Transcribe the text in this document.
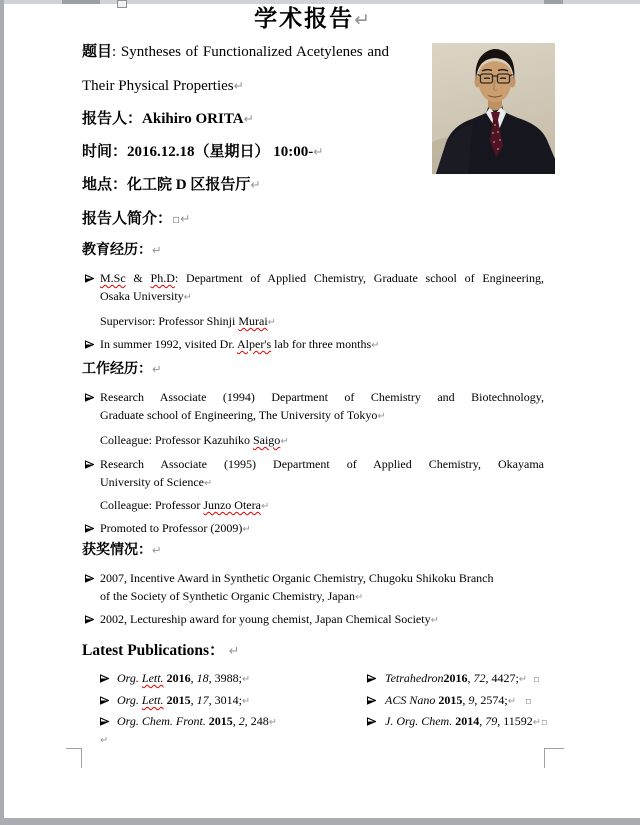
学术报告↵
题目: Syntheses of Functionalized Acetylenes and
Their Physical Properties↵
报告人：Akihiro ORITA↵
时间：2016.12.18（星期日） 10:00-↵
地点：化工院 D 区报告厅↵
报告人简介：▫↵
教育经历：↵
M.Sc & Ph.D: Department of Applied Chemistry, Graduate school of Engineering,
Osaka University↵
Supervisor: Professor Shinji Murai↵
In summer 1992, visited Dr. Alper's lab for three months↵
工作经历：↵
Research Associate (1994) Department of Chemistry and Biotechnology,
Graduate school of Engineering, The University of Tokyo↵
Colleague: Professor Kazuhiko Saigo↵
Research Associate (1995) Department of Applied Chemistry, Okayama
University of Science↵
Colleague: Professor Junzo Otera↵
Promoted to Professor (2009)↵
获奖情况：↵
2007, Incentive Award in Synthetic Organic Chemistry, Chugoku Shikoku Branch
of the Society of Synthetic Organic Chemistry, Japan↵
2002, Lectureship award for young chemist, Japan Chemical Society↵
Latest Publications： ↵
Org. Lett. 2016, 18, 3988;↵
Org. Lett. 2015, 17, 3014;↵
Org. Chem. Front. 2015, 2, 248↵
Tetrahedron2016, 72, 4427;↵  ▫
ACS Nano 2015, 9, 2574;↵   ▫
J. Org. Chem. 2014, 79, 11592↵▫
↵
